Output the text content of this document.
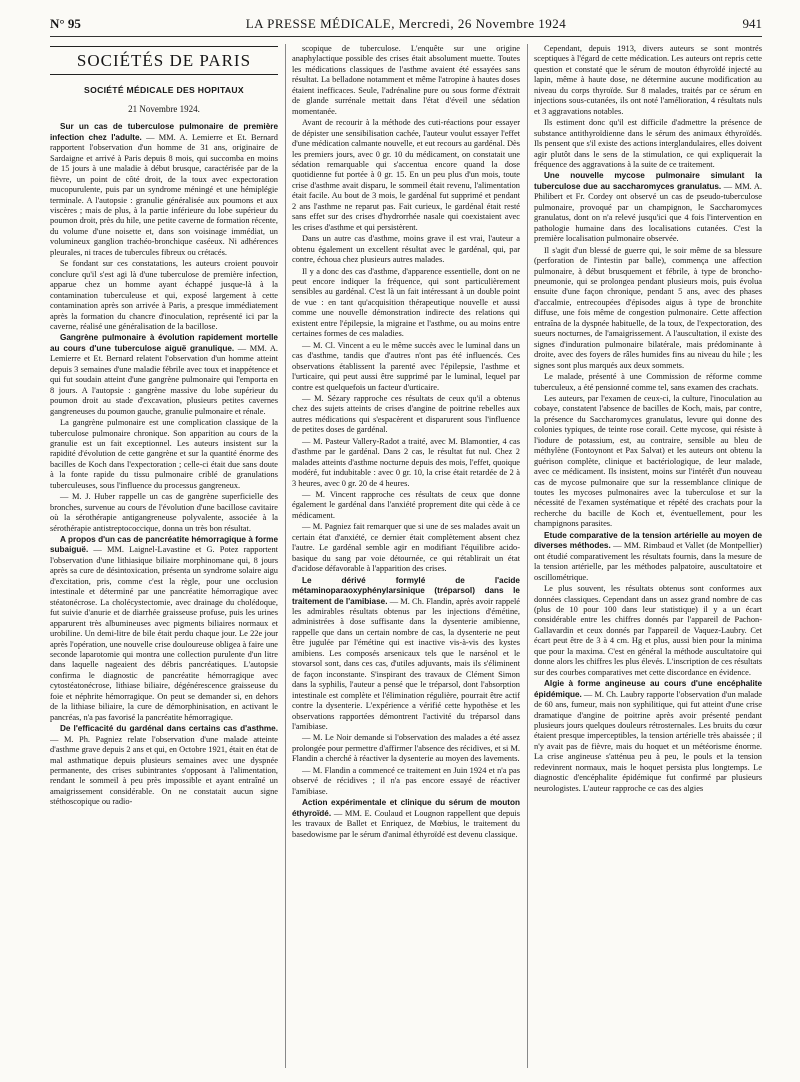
N° 95	LA PRESSE MÉDICALE, Mercredi, 26 Novembre 1924	941
SOCIÉTÉS DE PARIS
SOCIÉTÉ MÉDICALE DES HOPITAUX
21 Novembre 1924.
Sur un cas de tuberculose pulmonaire de première infection chez l'adulte. — MM. A. Lemierre et Et. Bernard rapportent l'observation d'un homme de 31 ans, originaire de Sardaigne et arrivé à Paris depuis 8 mois, qui succomba en moins de 15 jours à une maladie à début brusque, caractérisée par de la fièvre, un point de côté droit, de la toux avec expectoration mucopurulente, puis par un syndrome méningé et une hémiplégie terminale. A l'autopsie : granulie généralisée aux poumons et aux viscères ; mais de plus, à la partie inférieure du lobe supérieur du poumon droit, près du hile, une petite caverne de formation récente, du volume d'une noisette et, dans son voisinage immédiat, un volumineux ganglion trachéo-bronchique caséeux. Ni adhérences pleurales, ni traces de tubercules fibreux ou crétacés.
Se fondant sur ces constatations, les auteurs croient pouvoir conclure qu'il s'est agi là d'une tuberculose de première infection, apparue chez un homme ayant échappé jusque-là à la contamination tuberculeuse et qui, exposé largement à cette contamination après son arrivée à Paris, a presque immédiatement après la formation du chancre d'inoculation, représenté ici par la caverne, réalisé une généralisation de la bacillose.
Gangrène pulmonaire à évolution rapidement mortelle au cours d'une tuberculose aiguë granulique. — MM. A. Lemierre et Et. Bernard relatent l'observation d'un homme atteint depuis 3 semaines d'une maladie fébrile avec toux et inappétence et qui fut soudain atteint d'une gangrène pulmonaire qui l'emporta en 8 jours. A l'autopsie : gangrène massive du lobe supérieur du poumon droit au stade d'excavation, plusieurs petites cavernes gangreneuses du poumon gauche, granulie pulmonaire et rénale.
La gangrène pulmonaire est une complication classique de la tuberculose pulmonaire chronique. Son apparition au cours de la granulie est un fait exceptionnel. Les auteurs insistent sur la rapidité d'évolution de cette gangrène et sur la quantité énorme des bacilles de Koch dans l'expectoration ; celle-ci était due sans doute à la fonte rapide du tissu pulmonaire criblé de granulations tuberculeuses, sous l'influence du processus gangreneux.
— M. J. Huber rappelle un cas de gangrène superficielle des bronches, survenue au cours de l'évolution d'une bacillose cavitaire où la sérothérapie antigangreneuse polyvalente, associée à la sérothérapie antistreptococcique, donna un très bon résultat.
A propos d'un cas de pancréatite hémorragique à forme subaiguë. — MM. Laignel-Lavastine et G. Potez rapportent l'observation d'une lithiasique biliaire morphinomane qui, 8 jours après sa cure de désintoxication, présenta un syndrome solaire aigu d'excitation, pris, comme c'est la règle, pour une occlusion intestinale et déterminé par une pancréatite hémorragique avec stéatonécrose. La cholécystectomie, avec drainage du cholédoque, fut suivie d'anurie et de diarrhée graisseuse profuse, puis les urines apparurent très albumineuses avec pigments biliaires normaux et urobiline. Un demi-litre de bile était perdu chaque jour. Le 22e jour après l'opération, une nouvelle crise douloureuse obligea à faire une seconde laparotomie qui montra une collection purulente d'un litre dans laquelle nageaient des débris pancréatiques. L'autopsie confirma le diagnostic de pancréatite hémorragique avec cytostéatonécrose, lithiase biliaire, dégénérescence graisseuse du foie et néphrite hémorragique. On peut se demander si, en dehors de la lithiase biliaire, la cure de démorphinisation, en activant le pancréas, n'a pas favorisé la pancréatite hémorragique.
De l'efficacité du gardénal dans certains cas d'asthme. — M. Ph. Pagniez relate l'observation d'une malade atteinte d'asthme grave depuis 2 ans et qui, en Octobre 1921, était en état de mal asthmatique depuis plusieurs semaines avec une dyspnée permanente, des crises subintrantes s'opposant à l'alimentation, rendant le sommeil à peu près impossible et ayant entraîné un amaigrissement considérable. On ne constatait aucun signe stéthoscopique ou radio-
scopique de tuberculose. L'enquête sur une origine anaphylactique possible des crises était absolument muette. Toutes les médications classiques de l'asthme avaient été essayées sans résultat. La belladone notamment et même l'atropine à hautes doses étaient inefficaces. Seule, l'adrénaline pure ou sous forme d'éxtrait de glande surrénale mettait dans l'état d'éveil une sédation momentanée.
Avant de recourir à la méthode des cuti-réactions pour essayer de dépister une sensibilisation cachée, l'auteur voulut essayer l'effet d'une médication calmante nouvelle, et eut recours au gardénal. Dès les premiers jours, avec 0 gr. 10 du médicament, on constatait une sédation remarquable qui s'accentua encore quand la dose quotidienne fut portée à 0 gr. 15. En un peu plus d'un mois, toute crise d'asthme avait disparu, le sommeil était revenu, l'alimentation était facile. Au bout de 3 mois, le gardénal fut supprimé et pendant 2 ans l'asthme ne reparut pas. Fait curieux, le gardénal était resté sans effet sur des crises d'hydrorrhée nasale qui coexistaient avec les crises d'asthme et qui persistèrent.
Dans un autre cas d'asthme, moins grave il est vrai, l'auteur a obtenu également un excellent résultat avec le gardénal, qui, par contre, échoua chez plusieurs autres malades.
Il y a donc des cas d'asthme, d'apparence essentielle, dont on ne peut encore indiquer la fréquence, qui sont particulièrement sensibles au gardénal. C'est là un fait intéressant à un double point de vue : en tant qu'acquisition thérapeutique nouvelle et aussi comme une nouvelle démonstration indirecte des relations qui existent entre l'épilepsie, la migraine et l'asthme, ou au moins entre certaines formes de ces maladies.
— M. Cl. Vincent a eu le même succès avec le luminal dans un cas d'asthme, tandis que d'autres n'ont pas été influencés. Ces observations établissent la parenté avec l'épilepsie, l'asthme et l'urticaire, qui peut aussi être supprimé par le luminal, lequel par contre est quelquefois un facteur d'urticaire.
— M. Sézary rapproche ces résultats de ceux qu'il a obtenus chez des sujets atteints de crises d'angine de poitrine rebelles aux autres médications qui s'espacèrent et disparurent sous l'influence de petites doses de gardénal.
— M. Pasteur Vallery-Radot a traité, avec M. Blamontier, 4 cas d'asthme par le gardénal. Dans 2 cas, le résultat fut nul. Chez 2 malades atteints d'asthme nocturne depuis des mois, l'effet, quoique modéré, fut indubitable : avec 0 gr. 10, la crise était retardée de 2 à 3 heures, avec 0 gr. 20 de 4 heures.
— M. Vincent rapproche ces résultats de ceux que donne également le gardénal dans l'anxiété proprement dite qui cède à ce médicament.
— M. Pagniez fait remarquer que si une de ses malades avait un certain état d'anxiété, ce dernier était complètement absent chez l'autre. Le gardénal semble agir en modifiant l'équilibre acido-basique du sang par voie détournée, ce qui rétablirait un état d'acidose défavorable à l'apparition des crises.
Le dérivé formylé de l'acide métaminoparaoxyphénylarsinique (tréparsol) dans le traitement de l'amibiase. — M. Ch. Flandin, après avoir rappelé les admirables résultats obtenus par les injections d'émétine, administrées à dose suffisante dans la dysenterie amibienne, rappelle que dans un certain nombre de cas, la dysenterie ne peut être jugulée par l'émétine qui est inactive vis-à-vis des kystes amibiens. Les composés arsenicaux tels que le narsénol et le stovarsol sont, dans ces cas, d'utiles adjuvants, mais ils s'éliminent de façon inconstante. S'inspirant des travaux de Clément Simon dans la syphilis, l'auteur a pensé que le tréparsol, dont l'absorption intestinale est complète et l'élimination régulière, pourrait être actif contre la dysenterie. L'expérience a vérifié cette hypothèse et les observations rapportées démontrent l'activité du tréparsol dans l'amibiase.
— M. Le Noir demande si l'observation des malades a été assez prolongée pour permettre d'affirmer l'absence des récidives, et si M. Flandin a cherché à réactiver la dysenterie au moyen des lavements.
— M. Flandin a commencé ce traitement en Juin 1924 et n'a pas observé de récidives ; il n'a pas encore essayé de réactiver l'amibiase.
Action expérimentale et clinique du sérum de mouton éthyroïdé. — MM. E. Coulaud et Lougnon rappellent que depuis les travaux de Ballet et Enriquez, de Mœbius, le traitement du basedowisme par le sérum d'animal éthyroïdé est devenu classique.
Cependant, depuis 1913, divers auteurs se sont montrés sceptiques à l'égard de cette médication. Les auteurs ont repris cette question et constaté que le sérum de mouton éthyroïdé injecté au lapin, même à haute dose, ne détermine aucune modification au niveau du corps thyroïde. Sur 8 malades, traités par ce sérum en injections sous-cutanées, ils ont noté l'amélioration, 4 résultats nuls et 3 aggravations notables.
Ils estiment donc qu'il est difficile d'admettre la présence de substance antithyroïdienne dans le sérum des animaux éthyroïdés. Ils pensent que s'il existe des actions interglandulaires, elles doivent agir plutôt dans le sens de la stimulation, ce qui expliquerait la fréquence des aggravations à la suite de ce traitement.
Une nouvelle mycose pulmonaire simulant la tuberculose due au saccharomyces granulatus. — MM. A. Philibert et Fr. Cordey ont observé un cas de pseudo-tuberculose pulmonaire, provoqué par un champignon, le Saccharomyces granulatus, dont on n'a relevé jusqu'ici que 4 fois l'intervention en pathologie humaine dans des localisations cutanées. C'est la première localisation pulmonaire observée.
Il s'agit d'un blessé de guerre qui, le soir même de sa blessure (perforation de l'intestin par balle), commença une affection pulmonaire, à début brusquement et fébrile, à type de broncho-pneumonie, qui se prolongea pendant plusieurs mois, puis évolua ensuite d'une façon chronique, pendant 5 ans, avec des phases d'accalmie, entrecoupées d'épisodes aigus à type de bronchite diffuse, une fois même de congestion pulmonaire. Cette affection entraîna de la dyspnée habituelle, de la toux, de l'expectoration, des sueurs nocturnes, de l'amaigrissement. A l'auscultation, il existe des signes d'induration pulmonaire bilatérale, mais prédominante à droite, avec des foyers de râles humides fins au niveau du hile ; les signes sont plus marqués aux deux sommets.
Le malade, présenté à une Commission de réforme comme tuberculeux, a été pensionné comme tel, sans examen des crachats.
Les auteurs, par l'examen de ceux-ci, la culture, l'inoculation au cobaye, constatent l'absence de bacilles de Koch, mais, par contre, la présence du Saccharomyces granulatus, levure qui donne des colonies typiques, de teinte rose corail. Cette mycose, qui résiste à l'iodure de potassium, est, au contraire, sensible au bleu de méthylène (Fontoynont et Pax Salvat) et les auteurs ont obtenu la guérison complète, clinique et bactériologique, de leur malade, avec ce médicament. Ils insistent, moins sur l'intérêt d'un nouveau cas de mycose pulmonaire que sur la ressemblance clinique de toutes les mycoses pulmonaires avec la tuberculose et sur la nécessité de l'examen systématique et répété des crachats pour la recherche du bacille de Koch et, éventuellement, pour les champignons parasites.
Etude comparative de la tension artérielle au moyen de diverses méthodes. — MM. Rimbaud et Vallet (de Montpellier) ont étudié comparativement les résultats fournis, dans la mesure de la tension artérielle, par les méthodes palpatoire, auscultatoire et oscillométrique.
Le plus souvent, les résultats obtenus sont conformes aux données classiques. Cependant dans un assez grand nombre de cas (plus de 10 pour 100 dans leur statistique) il y a un écart considérable entre les chiffres donnés par l'appareil de Pachon-Gallavardin et ceux donnés par l'appareil de Vaquez-Laubry. Cet écart peut être de 3 à 4 cm. Hg et plus, aussi bien pour la minima que pour la maxima. C'est en général la méthode auscultatoire qui donne alors les chiffres les plus élevés. L'inscription de ces résultats sur des courbes comparatives met cette discordance en évidence.
Algie à forme angineuse au cours d'une encéphalite épidémique. — M. Ch. Laubry rapporte l'observation d'un malade de 60 ans, fumeur, mais non syphilitique, qui fut atteint d'une crise dramatique d'angine de poitrine après avoir présenté pendant plusieurs jours quelques douleurs rétrosternales. Les bruits du cœur étaient presque imperceptibles, la tension artérielle très abaissée ; il n'y avait pas de fièvre, mais du hoquet et un météorisme énorme. La crise angineuse s'atténua peu à peu, le pouls et la tension redevinrent normaux, mais le hoquet persista plus longtemps. Le diagnostic d'encéphalite épidémique fut confirmé par plusieurs neurologistes. L'auteur rapproche ce cas des algies
